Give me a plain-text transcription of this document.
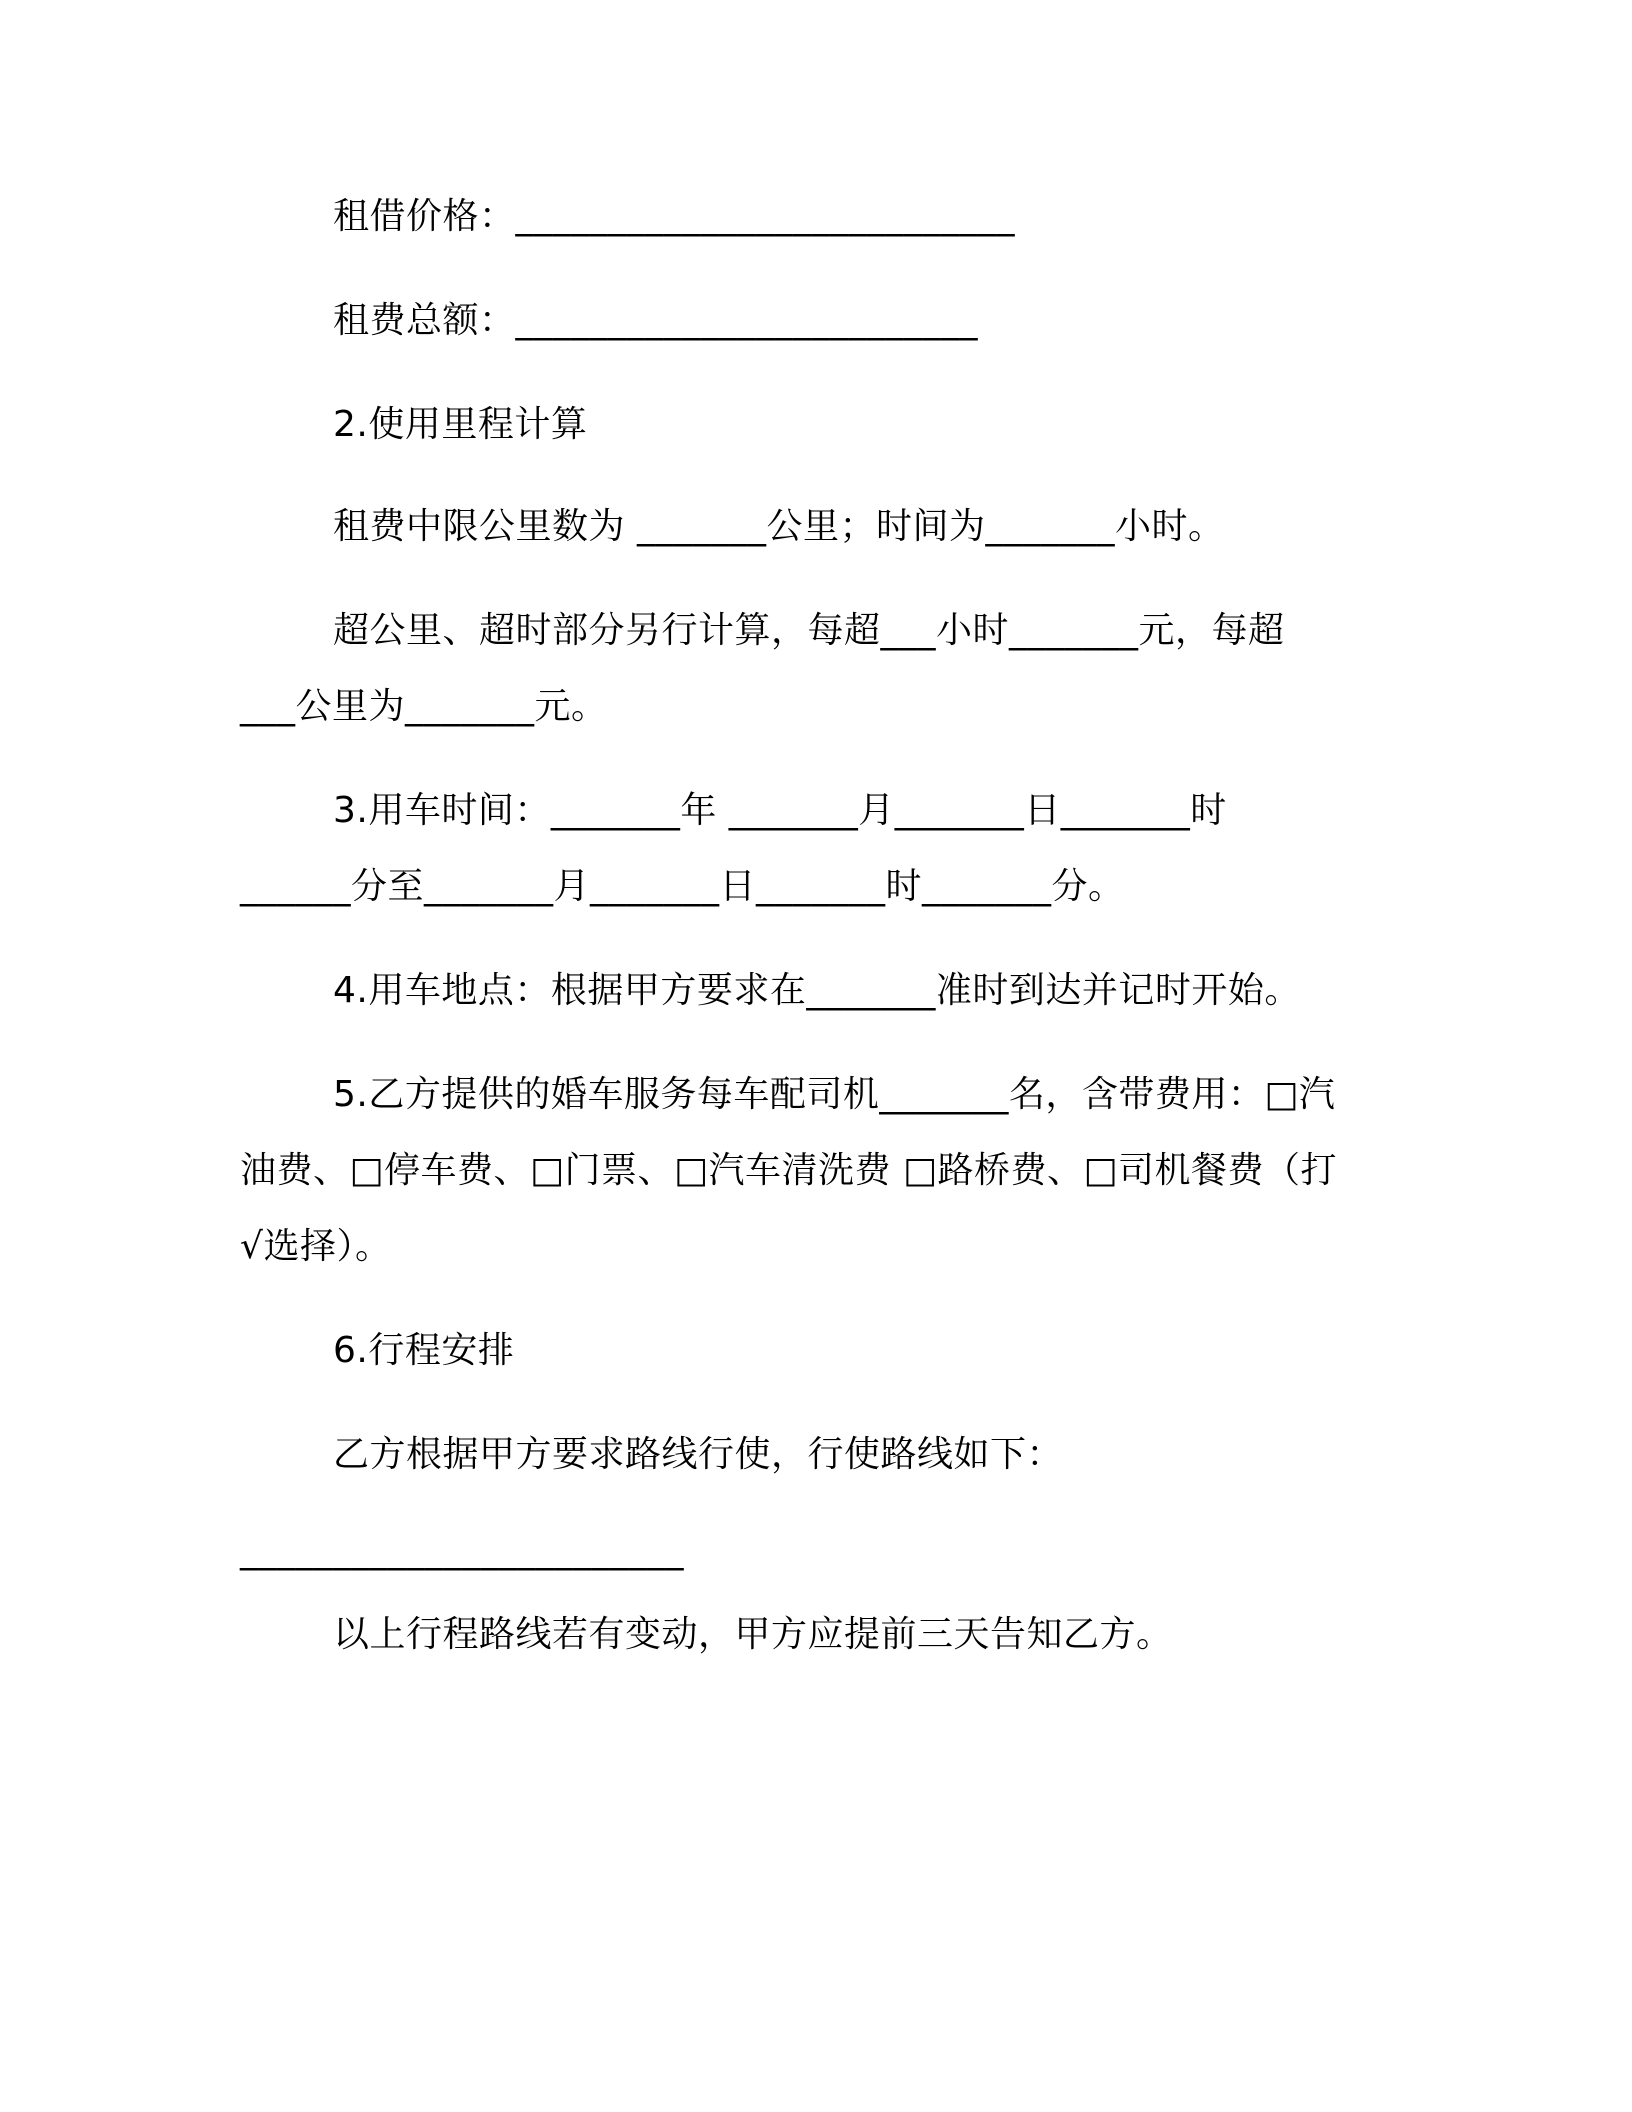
租借价格：___________________________
租费总额：_________________________
2.使用里程计算
租费中限公里数为 _______公里；时间为_______小时。
超公里、超时部分另行计算，每超___小时_______元，每超
___公里为_______元。
3.用车时间：_______年 _______月_______日_______时
______分至_______月_______日_______时_______分。
4.用车地点：根据甲方要求在_______准时到达并记时开始。
5.乙方提供的婚车服务每车配司机_______名，含带费用：□汽
油费、□停车费、□门票、□汽车清洗费 □路桥费、□司机餐费（打
√选择）。
6.行程安排
乙方根据甲方要求路线行使，行使路线如下：
________________________
以上行程路线若有变动，甲方应提前三天告知乙方。
